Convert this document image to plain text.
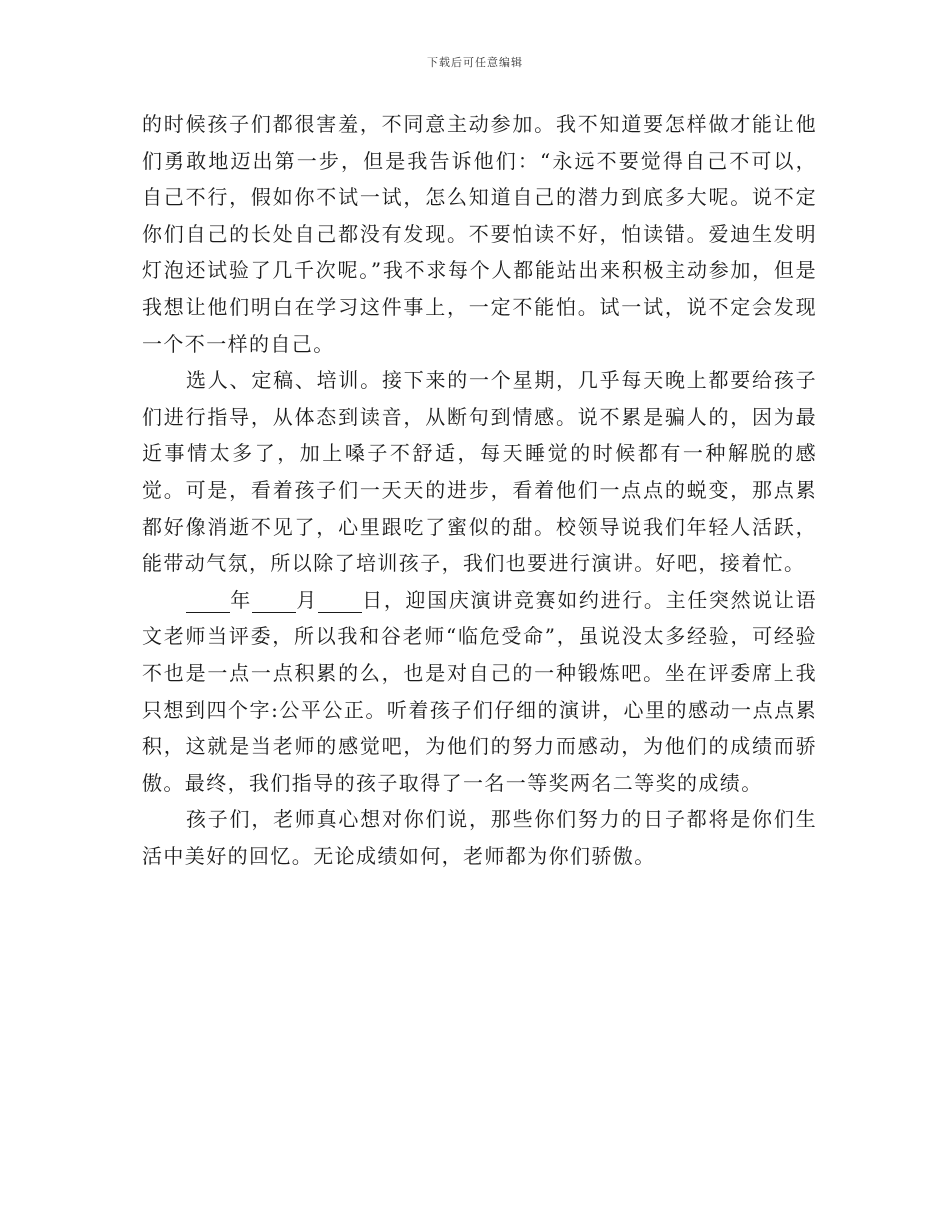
下载后可任意编辑

的时候孩子们都很害羞，不同意主动参加。我不知道要怎样做才能让他们勇敢地迈出第一步，但是我告诉他们：“永远不要觉得自己不可以，自己不行，假如你不试一试，怎么知道自己的潜力到底多大呢。说不定你们自己的长处自己都没有发现。不要怕读不好，怕读错。爱迪生发明灯泡还试验了几千次呢。”我不求每个人都能站出来积极主动参加，但是我想让他们明白在学习这件事上，一定不能怕。试一试，说不定会发现一个不一样的自己。

选人、定稿、培训。接下来的一个星期，几乎每天晚上都要给孩子们进行指导，从体态到读音，从断句到情感。说不累是骗人的，因为最近事情太多了，加上嗓子不舒适，每天睡觉的时候都有一种解脱的感觉。可是，看着孩子们一天天的进步，看着他们一点点的蜕变，那点累都好像消逝不见了，心里跟吃了蜜似的甜。校领导说我们年轻人活跃，能带动气氛，所以除了培训孩子，我们也要进行演讲。好吧，接着忙。

年 月 日，迎国庆演讲竞赛如约进行。主任突然说让语文老师当评委，所以我和谷老师“临危受命”，虽说没太多经验，可经验不也是一点一点积累的么，也是对自己的一种锻炼吧。坐在评委席上我只想到四个字:公平公正。听着孩子们仔细的演讲，心里的感动一点点累积，这就是当老师的感觉吧，为他们的努力而感动，为他们的成绩而骄傲。最终，我们指导的孩子取得了一名一等奖两名二等奖的成绩。

孩子们，老师真心想对你们说，那些你们努力的日子都将是你们生活中美好的回忆。无论成绩如何，老师都为你们骄傲。
